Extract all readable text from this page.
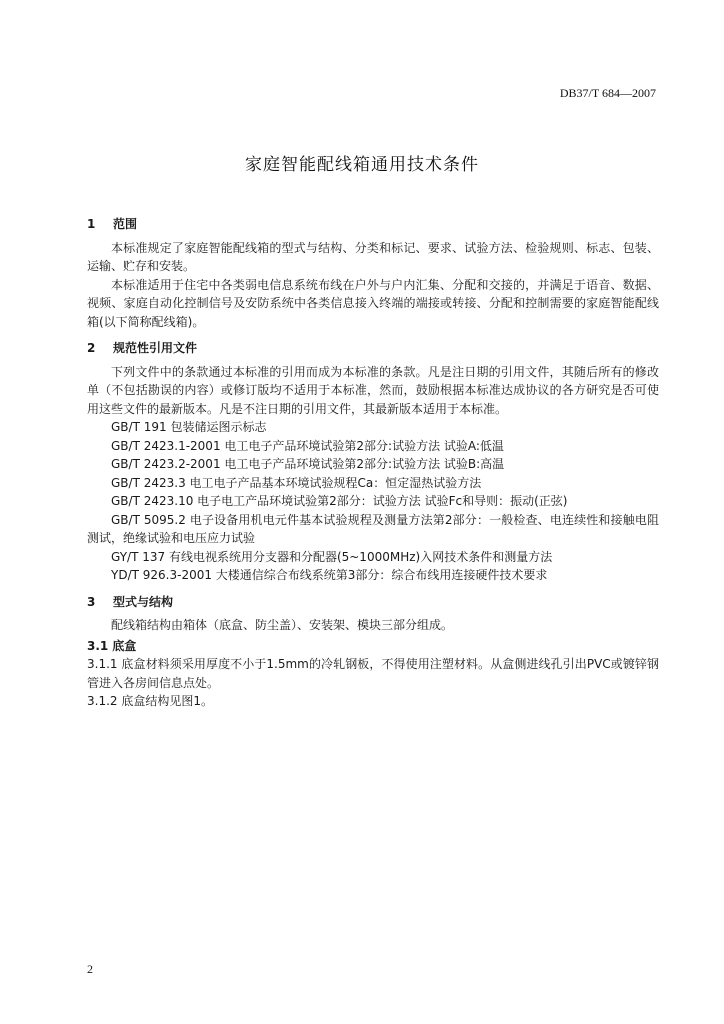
DB37/T 684—2007
家庭智能配线箱通用技术条件

1 范围

本标准规定了家庭智能配线箱的型式与结构、分类和标记、要求、试验方法、检验规则、标志、包装、运输、贮存和安装。

本标准适用于住宅中各类弱电信息系统布线在户外与户内汇集、分配和交接的，并满足于语音、数据、视频、家庭自动化控制信号及安防系统中各类信息接入终端的端接或转接、分配和控制需要的家庭智能配线箱(以下简称配线箱)。

2 规范性引用文件

下列文件中的条款通过本标准的引用而成为本标准的条款。凡是注日期的引用文件，其随后所有的修改单（不包括勘误的内容）或修订版均不适用于本标准，然而，鼓励根据本标准达成协议的各方研究是否可使用这些文件的最新版本。凡是不注日期的引用文件，其最新版本适用于本标准。

GB/T 191 包装储运图示标志

GB/T 2423.1-2001 电工电子产品环境试验第2部分:试验方法 试验A:低温

GB/T 2423.2-2001 电工电子产品环境试验第2部分:试验方法 试验B:高温

GB/T 2423.3 电工电子产品基本环境试验规程Ca：恒定湿热试验方法

GB/T 2423.10 电子电工产品环境试验第2部分：试验方法 试验Fc和导则：振动(正弦)

GB/T 5095.2 电子设备用机电元件基本试验规程及测量方法第2部分：一般检查、电连续性和接触电阻测试，绝缘试验和电压应力试验

GY/T 137 有线电视系统用分支器和分配器(5~1000MHz)入网技术条件和测量方法

YD/T 926.3-2001 大楼通信综合布线系统第3部分：综合布线用连接硬件技术要求

3 型式与结构

配线箱结构由箱体（底盒、防尘盖）、安装架、模块三部分组成。

3.1 底盒

3.1.1 底盒材料须采用厚度不小于1.5mm的冷轧钢板，不得使用注塑材料。从盒侧进线孔引出PVC或镀锌钢管进入各房间信息点处。

3.1.2 底盒结构见图1。

2
